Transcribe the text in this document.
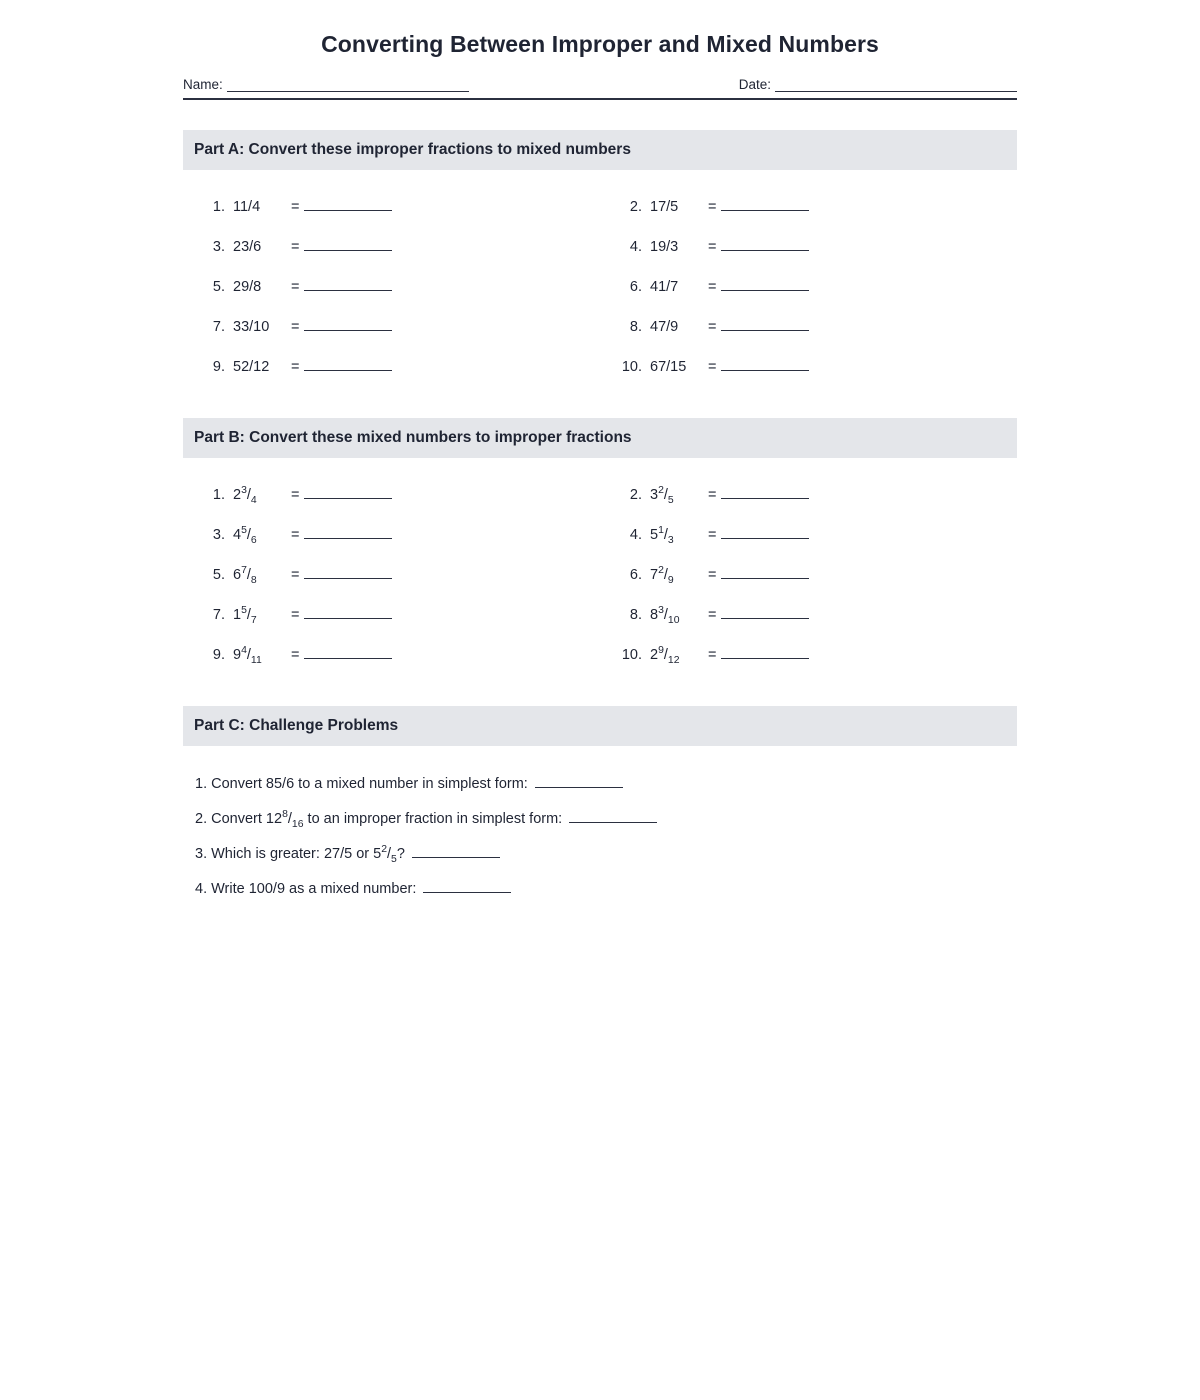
Converting Between Improper and Mixed Numbers
Name:	Date:
Part A: Convert these improper fractions to mixed numbers
1. 11/4	=	2. 17/5	=
3. 23/6	=	4. 19/3	=
5. 29/8	=	6. 41/7	=
7. 33/10	=	8. 47/9	=
9. 52/12	=	10. 67/15	=
Part B: Convert these mixed numbers to improper fractions
1. $2^3/_4$	=	2. $3^2/_5$	=
3. $4^5/_6$	=	4. $5^1/_3$	=
5. $6^7/_8$	=	6. $7^2/_9$	=
7. $1^5/_7$	=	8. $8^3/_{10}$	=
9. $9^4/_{11}$	=	10. $2^9/_{12}$	=
Part C: Challenge Problems
1. Convert 85/6 to a mixed number in simplest form:
2. Convert 12 $^8/_{16}$ to an improper fraction in simplest form:
3. Which is greater: 27/5 or 5 $^2/_5$ ?
4. Write 100/9 as a mixed number:
